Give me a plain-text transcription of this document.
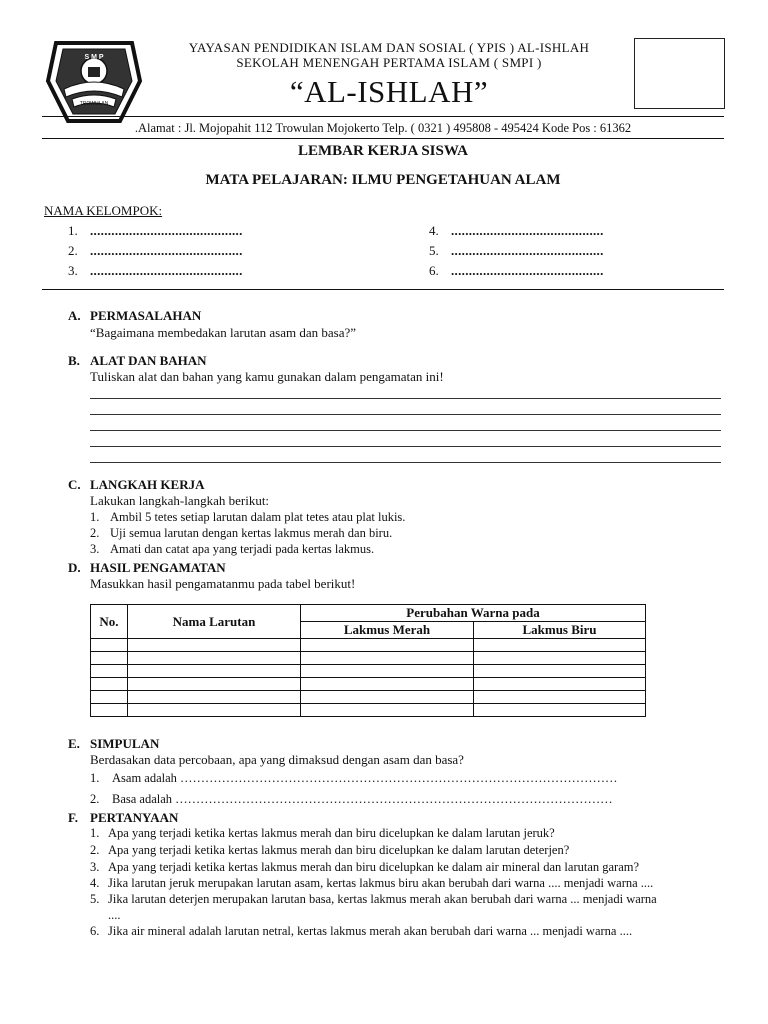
S M P
TROWULAN
YAYASAN PENDIDIKAN ISLAM DAN SOSIAL ( YPIS ) AL-ISHLAH
SEKOLAH MENENGAH PERTAMA ISLAM ( SMPI )
“AL-ISHLAH”
.Alamat : Jl. Mojopahit 112 Trowulan Mojokerto Telp. ( 0321 ) 495808 - 495424 Kode Pos : 61362
LEMBAR KERJA SISWA
MATA PELAJARAN: ILMU PENGETAHUAN ALAM
NAMA KELOMPOK:
1. ...........................................
2. ...........................................
3. ...........................................
4. ...........................................
5. ...........................................
6. ...........................................
A. PERMASALAHAN
“Bagaimana membedakan larutan asam dan basa?”
B. ALAT DAN BAHAN
Tuliskan alat dan bahan yang kamu gunakan dalam pengamatan ini!
C. LANGKAH KERJA
Lakukan langkah-langkah berikut:
1. Ambil 5 tetes setiap larutan dalam plat tetes atau plat lukis.
2. Uji semua larutan dengan kertas lakmus merah dan biru.
3. Amati dan catat apa yang terjadi pada kertas lakmus.
D. HASIL PENGAMATAN
Masukkan hasil pengamatanmu pada tabel berikut!
No.	Nama Larutan	Perubahan Warna pada	
		Lakmus Merah	Lakmus Biru

E. SIMPULAN
Berdasakan data percobaan, apa yang dimaksud dengan asam dan basa?
1. Asam adalah ……………………………………………………………………………………………
2. Basa adalah ……………………………………………………………………………………………
F. PERTANYAAN
1. Apa yang terjadi ketika kertas lakmus merah dan biru dicelupkan ke dalam larutan jeruk?
2. Apa yang terjadi ketika kertas lakmus merah dan biru dicelupkan ke dalam larutan deterjen?
3. Apa yang terjadi ketika kertas lakmus merah dan biru dicelupkan ke dalam air mineral dan larutan garam?
4. Jika larutan jeruk merupakan larutan asam, kertas lakmus biru akan berubah dari warna .... menjadi warna ....
5. Jika larutan deterjen merupakan larutan basa, kertas lakmus merah akan berubah dari warna ... menjadi warna
....
6. Jika air mineral adalah larutan netral, kertas lakmus merah akan berubah dari warna ... menjadi warna ....
